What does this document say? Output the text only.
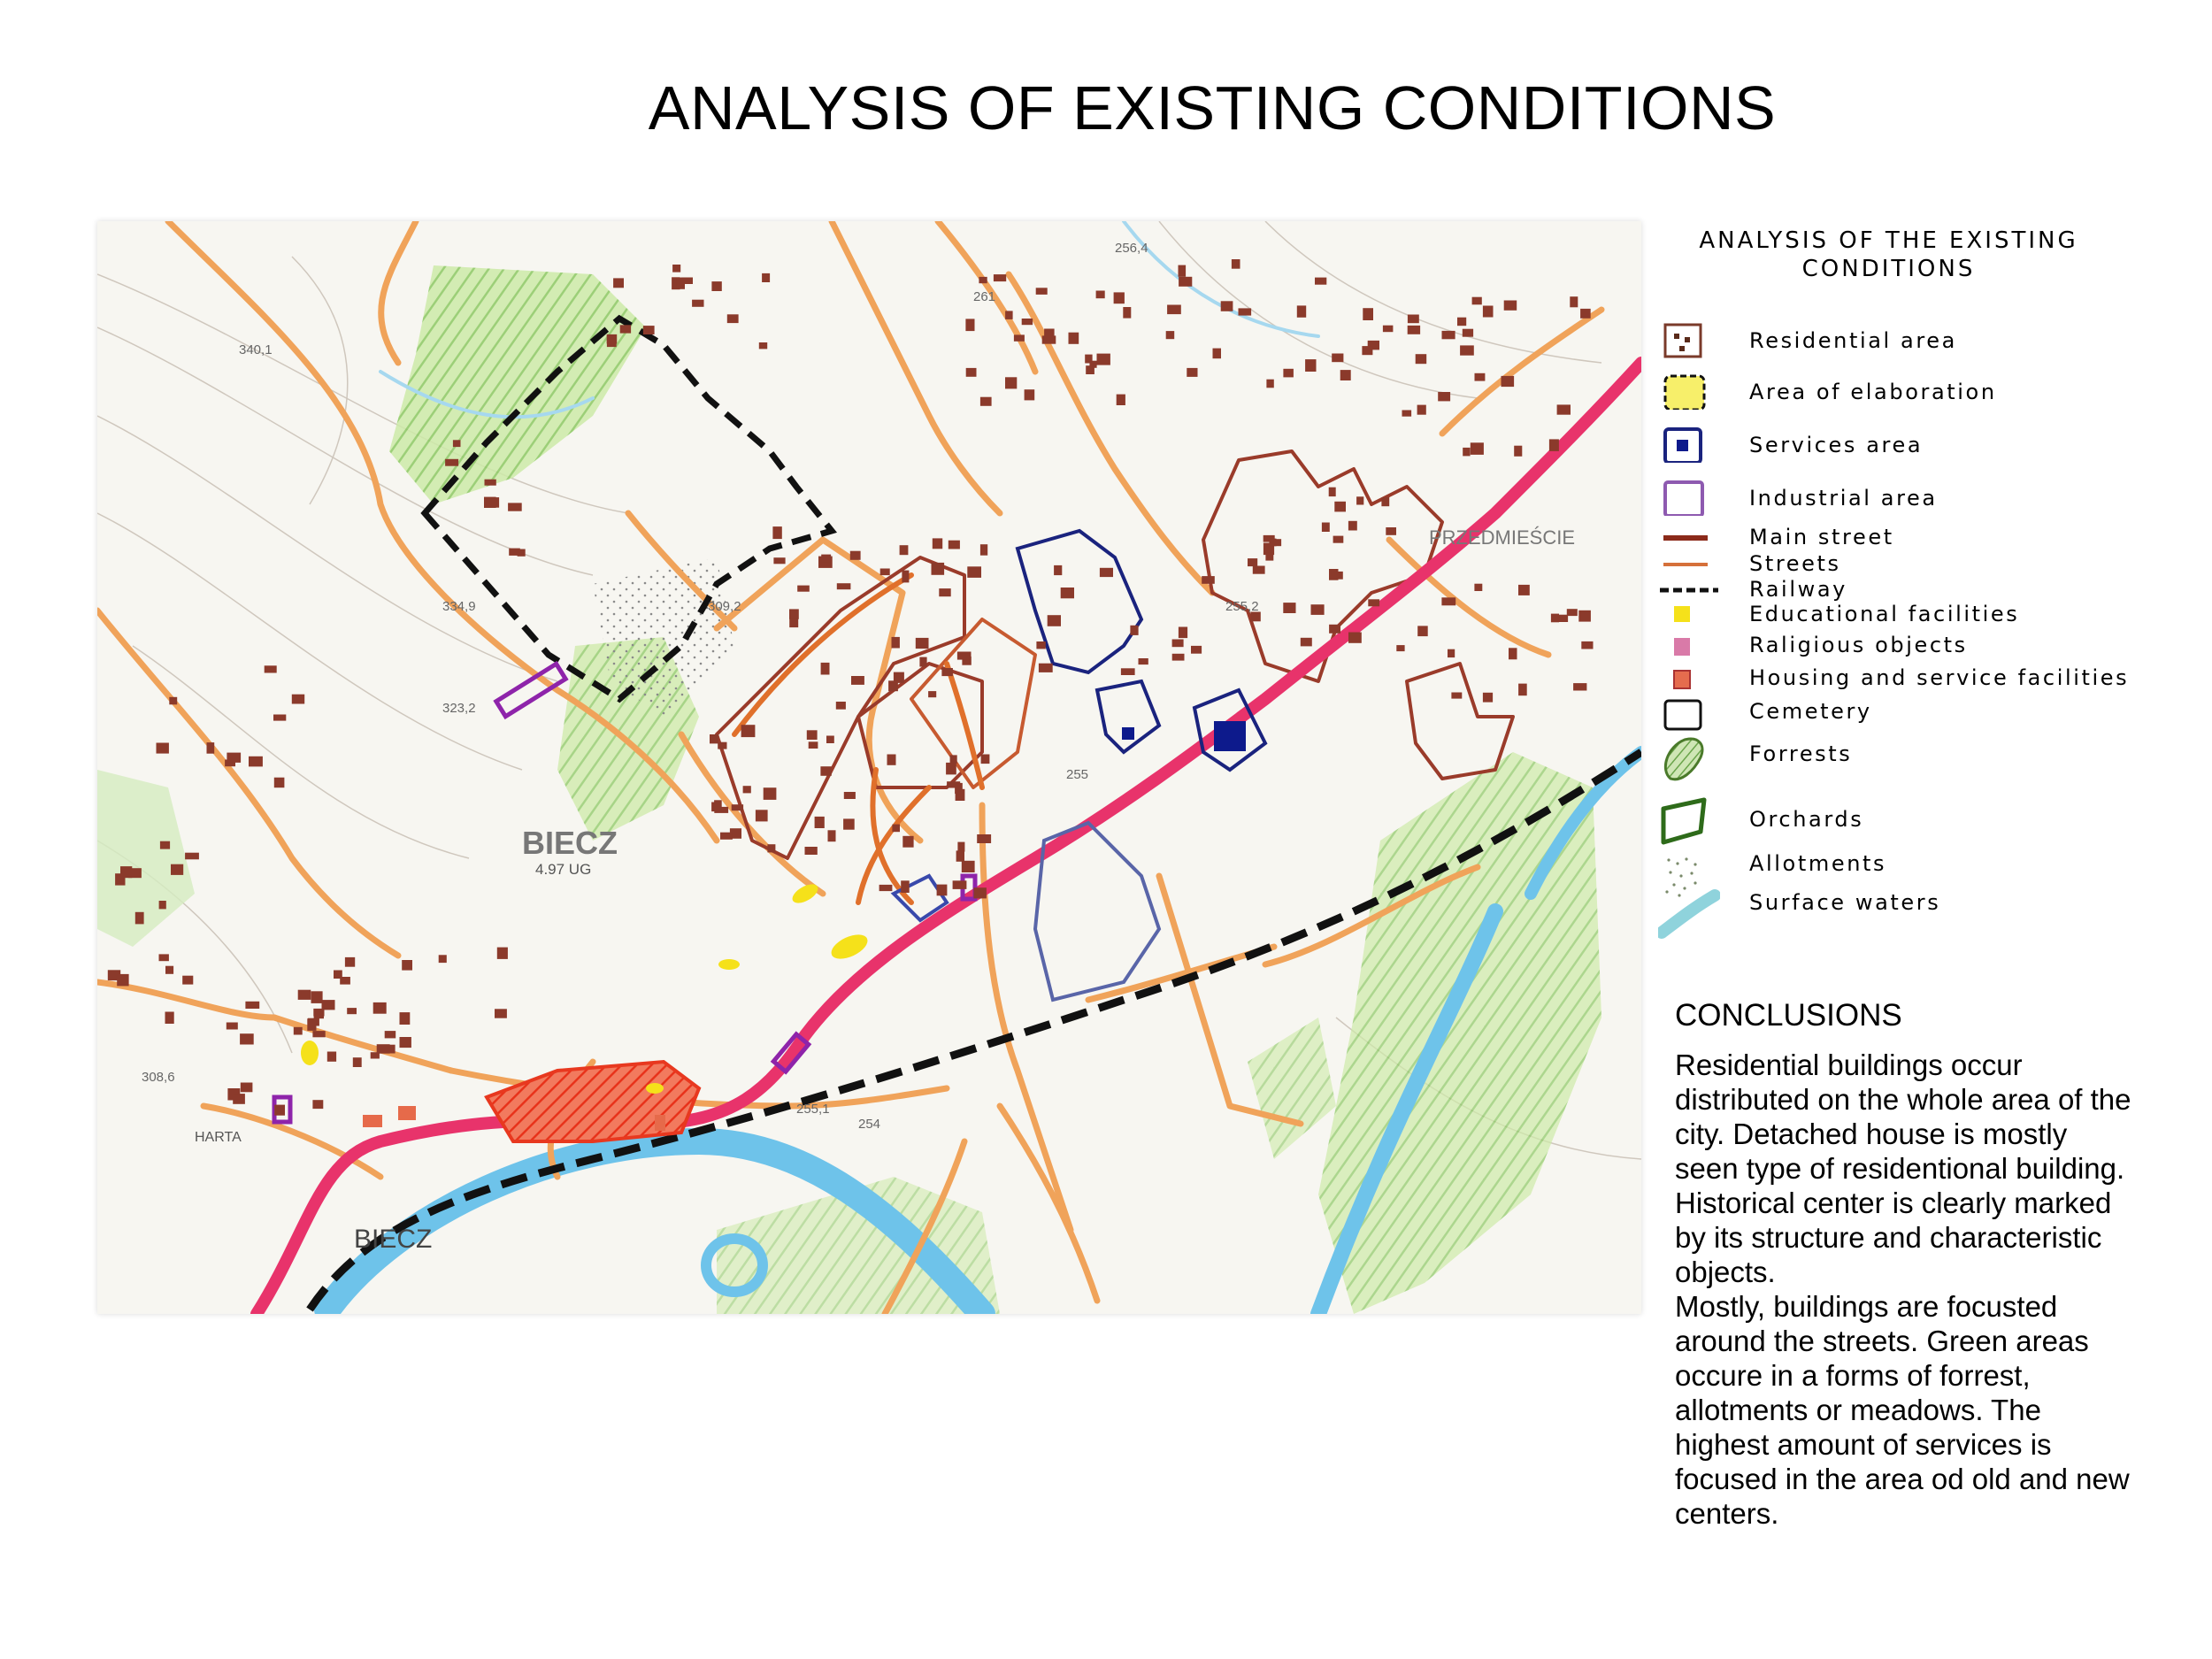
ANALYSIS OF EXISTING CONDITIONS
BIECZ
4.97 UG
BIECZ
PRZEDMIEŚCIE
HARTA
340,1
334,9	309,2
323,2
308,6
255,2
255,1
254
256,4
261
255
ANALYSIS OF THE EXISTING CONDITIONS
Residential area
Area of elaboration
Services area
Industrial area
Main street
Streets
Railway
Educational facilities
Raligious objects
Housing and service facilities
Cemetery
Forrests
Orchards
Allotments
Surface waters
CONCLUSIONS

Residential buildings occur distributed on the whole area of the city. Detached house is mostly seen type of residentional building.
Historical center is clearly marked by its structure and characteristic objects.
Mostly, buildings are focusted around the streets. Green areas occure in a forms of forrest, allotments or meadows. The highest amount of services is focused in the area od old and new centers.
